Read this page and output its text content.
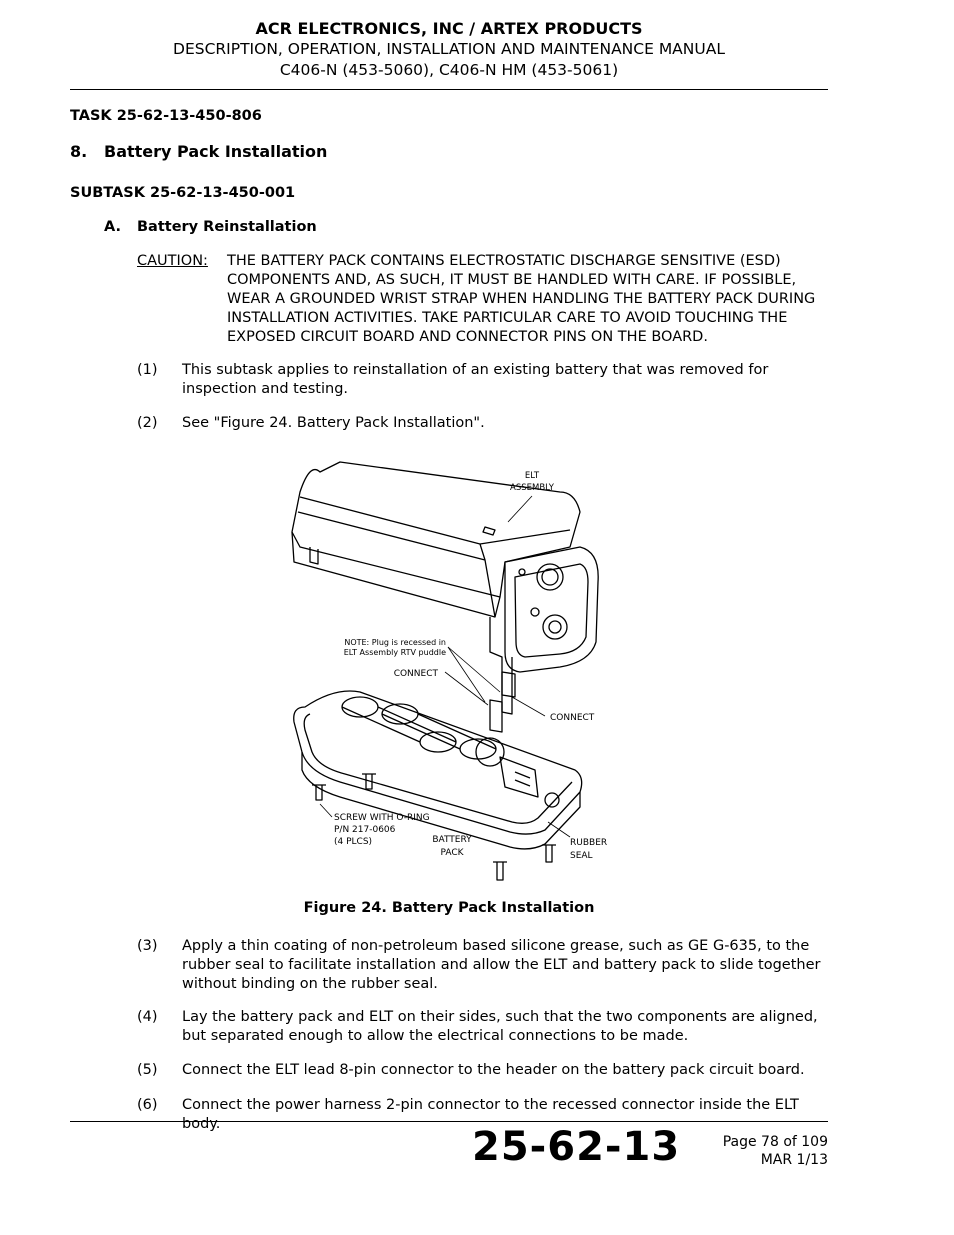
ACR ELECTRONICS, INC / ARTEX PRODUCTS
DESCRIPTION, OPERATION, INSTALLATION AND MAINTENANCE MANUAL
C406-N (453-5060), C406-N HM (453-5061)
TASK 25-62-13-450-806
8. Battery Pack Installation
SUBTASK 25-62-13-450-001
A. Battery Reinstallation
CAUTION: THE BATTERY PACK CONTAINS ELECTROSTATIC DISCHARGE SENSITIVE (ESD) COMPONENTS AND, AS SUCH, IT MUST BE HANDLED WITH CARE. IF POSSIBLE, WEAR A GROUNDED WRIST STRAP WHEN HANDLING THE BATTERY PACK DURING INSTALLATION ACTIVITIES. TAKE PARTICULAR CARE TO AVOID TOUCHING THE EXPOSED CIRCUIT BOARD AND CONNECTOR PINS ON THE BOARD.
(1) This subtask applies to reinstallation of an existing battery that was removed for inspection and testing.
(2) See "Figure 24. Battery Pack Installation".
ELT
ASSEMBLY
NOTE: Plug is recessed in
ELT Assembly RTV puddle
CONNECT
CONNECT
SCREW WITH O-RING
P/N 217-0606
(4 PLCS)	RUBBER
SEAL
BATTERY
PACK
Figure 24. Battery Pack Installation
(3) Apply a thin coating of non-petroleum based silicone grease, such as GE G-635, to the rubber seal to facilitate installation and allow the ELT and battery pack to slide together without binding on the rubber seal.
(4) Lay the battery pack and ELT on their sides, such that the two components are aligned, but separated enough to allow the electrical connections to be made.
(5) Connect the ELT lead 8-pin connector to the header on the battery pack circuit board.
(6) Connect the power harness 2-pin connector to the recessed connector inside the ELT body.	25-62-13	Page 78 of 109
MAR 1/13
